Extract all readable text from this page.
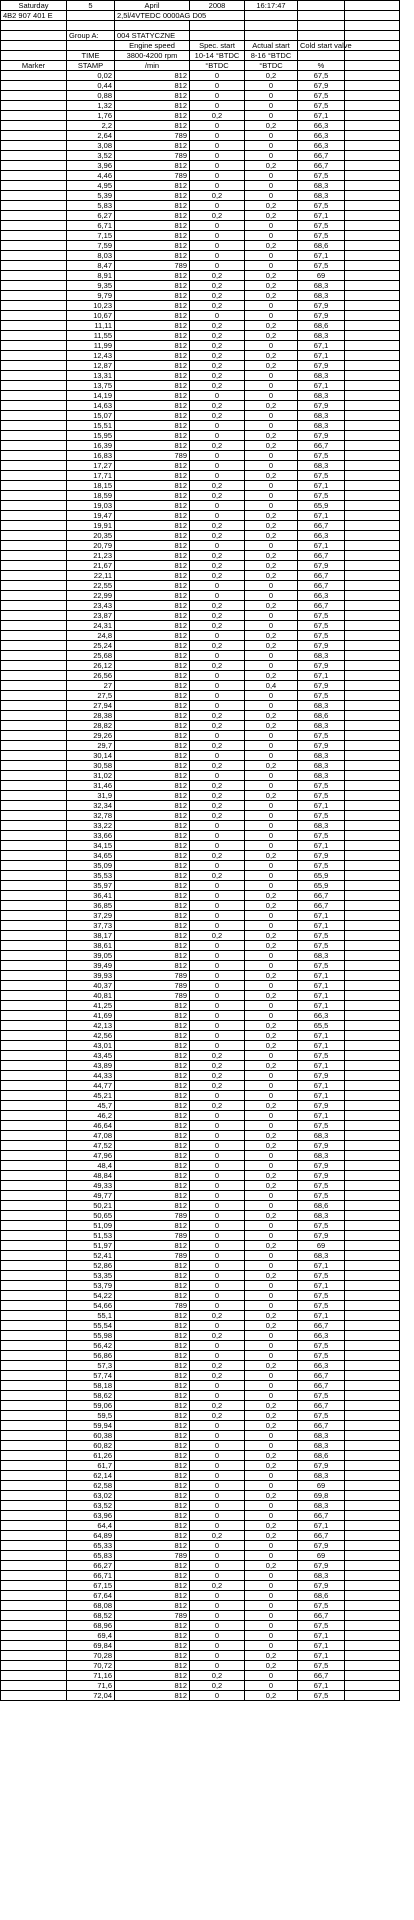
Saturday	5	April	2008	16:17:47		
4B2 907 401 E		2,5l/4VTEDC 0000AG D05				

	Group A:	004 STATYCZNE				
		Engine speed	Spec. start	Actual start	Cold start valve	
	TIME	3800-4200 rpm	10-14 °BTDC	8-16 °BTDC		
Marker	STAMP	/min	°BTDC	°BTDC	%	
	0,02	812	0	0,2	67,5	
	0,44	812	0	0	67,9	
	0,88	812	0	0	67,5	
	1,32	812	0	0	67,5	
	1,76	812	0,2	0	67,1	
	2,2	812	0	0,2	66,3	
	2,64	789	0	0	66,3	
	3,08	812	0	0	66,3	
	3,52	789	0	0	66,7	
	3,96	812	0	0,2	66,7	
	4,46	789	0	0	67,5	
	4,95	812	0	0	68,3	
	5,39	812	0,2	0	68,3	
	5,83	812	0	0,2	67,5	
	6,27	812	0,2	0,2	67,1	
	6,71	812	0	0	67,5	
	7,15	812	0	0	67,5	
	7,59	812	0	0,2	68,6	
	8,03	812	0	0	67,1	
	8,47	789	0	0	67,5	
	8,91	812	0,2	0,2	69	
	9,35	812	0,2	0,2	68,3	
	9,79	812	0,2	0,2	68,3	
	10,23	812	0,2	0	67,9	
	10,67	812	0	0	67,9	
	11,11	812	0,2	0,2	68,6	
	11,55	812	0,2	0,2	68,3	
	11,99	812	0,2	0	67,1	
	12,43	812	0,2	0,2	67,1	
	12,87	812	0,2	0,2	67,9	
	13,31	812	0,2	0	68,3	
	13,75	812	0,2	0	67,1	
	14,19	812	0	0	68,3	
	14,63	812	0,2	0,2	67,9	
	15,07	812	0,2	0	68,3	
	15,51	812	0	0	68,3	
	15,95	812	0	0,2	67,9	
	16,39	812	0,2	0,2	66,7	
	16,83	789	0	0	67,5	
	17,27	812	0	0	68,3	
	17,71	812	0	0,2	67,5	
	18,15	812	0,2	0	67,1	
	18,59	812	0,2	0	67,5	
	19,03	812	0	0	65,9	
	19,47	812	0	0,2	67,1	
	19,91	812	0,2	0,2	66,7	
	20,35	812	0,2	0,2	66,3	
	20,79	812	0	0	67,1	
	21,23	812	0,2	0,2	66,7	
	21,67	812	0,2	0,2	67,9	
	22,11	812	0,2	0,2	66,7	
	22,55	812	0	0	66,7	
	22,99	812	0	0	66,3	
	23,43	812	0,2	0,2	66,7	
	23,87	812	0,2	0	67,5	
	24,31	812	0,2	0	67,5	
	24,8	812	0	0,2	67,5	
	25,24	812	0,2	0,2	67,9	
	25,68	812	0	0	68,3	
	26,12	812	0,2	0	67,9	
	26,56	812	0	0,2	67,1	
	27	812	0	0,4	67,9	
	27,5	812	0	0	67,5	
	27,94	812	0	0	68,3	
	28,38	812	0,2	0,2	68,6	
	28,82	812	0,2	0,2	68,3	
	29,26	812	0	0	67,5	
	29,7	812	0,2	0	67,9	
	30,14	812	0	0	68,3	
	30,58	812	0,2	0,2	68,3	
	31,02	812	0	0	68,3	
	31,46	812	0,2	0	67,5	
	31,9	812	0,2	0,2	67,5	
	32,34	812	0,2	0	67,1	
	32,78	812	0,2	0	67,5	
	33,22	812	0	0	68,3	
	33,66	812	0	0	67,5	
	34,15	812	0	0	67,1	
	34,65	812	0,2	0,2	67,9	
	35,09	812	0	0	67,5	
	35,53	812	0,2	0	65,9	
	35,97	812	0	0	65,9	
	36,41	812	0	0,2	66,7	
	36,85	812	0	0,2	66,7	
	37,29	812	0	0	67,1	
	37,73	812	0	0	67,1	
	38,17	812	0,2	0,2	67,5	
	38,61	812	0	0,2	67,5	
	39,05	812	0	0	68,3	
	39,49	812	0	0	67,5	
	39,93	789	0	0,2	67,1	
	40,37	789	0	0	67,1	
	40,81	789	0	0,2	67,1	
	41,25	812	0	0	67,1	
	41,69	812	0	0	66,3	
	42,13	812	0	0,2	65,5	
	42,56	812	0	0,2	67,1	
	43,01	812	0	0,2	67,1	
	43,45	812	0,2	0	67,5	
	43,89	812	0,2	0,2	67,1	
	44,33	812	0,2	0	67,9	
	44,77	812	0,2	0	67,1	
	45,21	812	0	0	67,1	
	45,7	812	0,2	0,2	67,9	
	46,2	812	0	0	67,1	
	46,64	812	0	0	67,5	
	47,08	812	0	0,2	68,3	
	47,52	812	0	0,2	67,9	
	47,96	812	0	0	68,3	
	48,4	812	0	0	67,9	
	48,84	812	0	0,2	67,9	
	49,33	812	0	0,2	67,5	
	49,77	812	0	0	67,5	
	50,21	812	0	0	68,6	
	50,65	789	0	0,2	68,3	
	51,09	812	0	0	67,5	
	51,53	789	0	0	67,9	
	51,97	812	0	0,2	69	
	52,41	789	0	0	68,3	
	52,86	812	0	0	67,1	
	53,35	812	0	0,2	67,5	
	53,79	812	0	0	67,1	
	54,22	812	0	0	67,5	
	54,66	789	0	0	67,5	
	55,1	812	0,2	0,2	67,1	
	55,54	812	0	0,2	66,7	
	55,98	812	0,2	0	66,3	
	56,42	812	0	0	67,5	
	56,86	812	0	0	67,5	
	57,3	812	0,2	0,2	66,3	
	57,74	812	0,2	0	66,7	
	58,18	812	0	0	66,7	
	58,62	812	0	0	67,5	
	59,06	812	0,2	0,2	66,7	
	59,5	812	0,2	0,2	67,5	
	59,94	812	0	0,2	66,7	
	60,38	812	0	0	68,3	
	60,82	812	0	0	68,3	
	61,26	812	0	0,2	68,6	
	61,7	812	0	0,2	67,9	
	62,14	812	0	0	68,3	
	62,58	812	0	0	69	
	63,02	812	0	0,2	69,8	
	63,52	812	0	0	68,3	
	63,96	812	0	0	66,7	
	64,4	812	0	0,2	67,1	
	64,89	812	0,2	0,2	66,7	
	65,33	812	0	0	67,9	
	65,83	789	0	0	69	
	66,27	812	0	0,2	67,9	
	66,71	812	0	0	68,3	
	67,15	812	0,2	0	67,9	
	67,64	812	0	0	68,6	
	68,08	812	0	0	67,5	
	68,52	789	0	0	66,7	
	68,96	812	0	0	67,5	
	69,4	812	0	0	67,1	
	69,84	812	0	0	67,1	
	70,28	812	0	0,2	67,1	
	70,72	812	0	0,2	67,5	
	71,16	812	0,2	0	66,7	
	71,6	812	0,2	0	67,1	
	72,04	812	0	0,2	67,5	
